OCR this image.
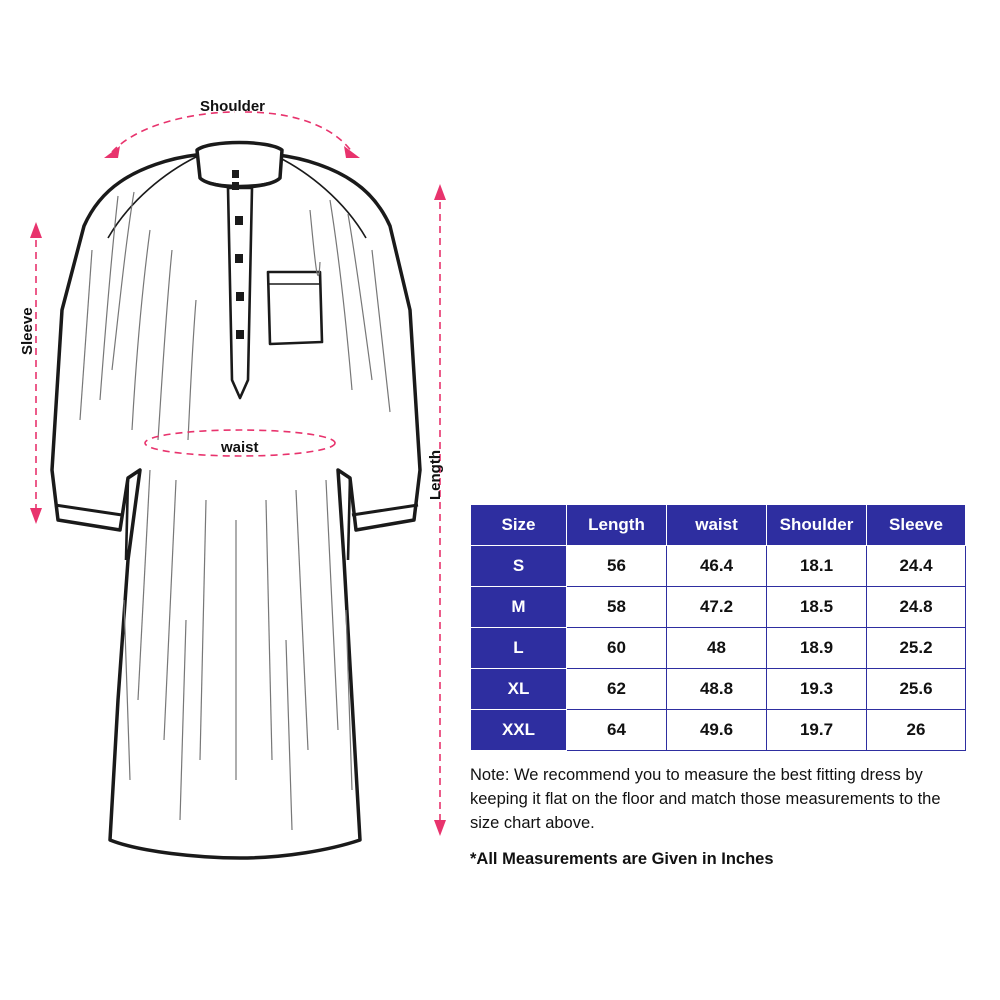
Shoulder
waist
Sleeve
Length
Size	Length	waist	Shoulder	Sleeve
S	56	46.4	18.1	24.4
M	58	47.2	18.5	24.8
L	60	48	18.9	25.2
XL	62	48.8	19.3	25.6
XXL	64	49.6	19.7	26
Note: We recommend you to measure the best fitting dress by keeping it flat on the floor and match those measurements to the size chart above.
*All Measurements are Given in Inches
